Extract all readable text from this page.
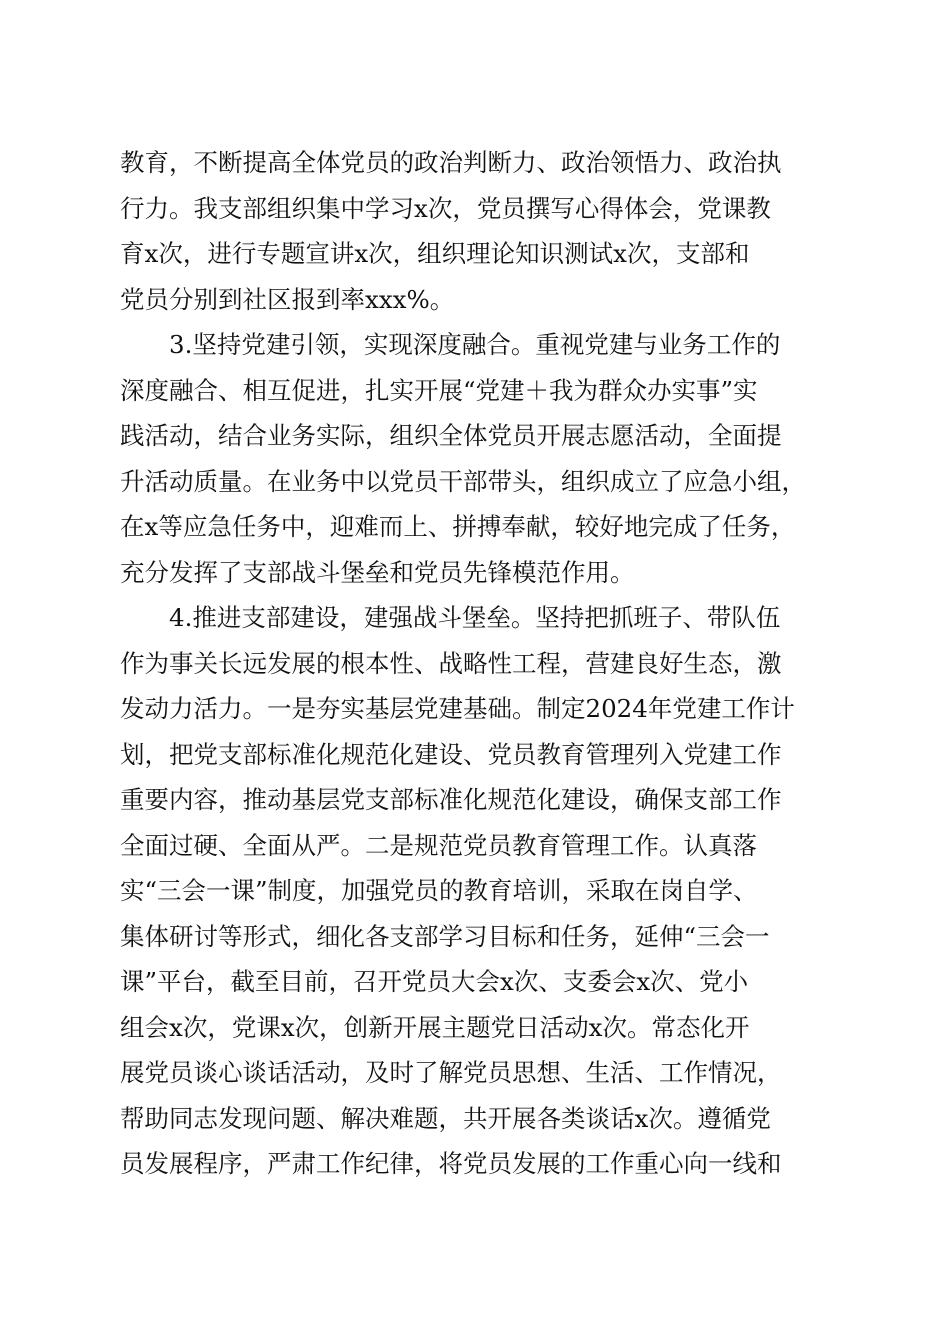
教育，不断提高全体党员的政治判断力、政治领悟力、政治执
行力。我支部组织集中学习x次，党员撰写心得体会，党课教
育x次，进行专题宣讲x次，组织理论知识测试x次，支部和
党员分别到社区报到率xxx%。

3.坚持党建引领，实现深度融合。重视党建与业务工作的
深度融合、相互促进，扎实开展“党建＋我为群众办实事”实
践活动，结合业务实际，组织全体党员开展志愿活动，全面提
升活动质量。在业务中以党员干部带头，组织成立了应急小组，
在x等应急任务中，迎难而上、拼搏奉献，较好地完成了任务，
充分发挥了支部战斗堡垒和党员先锋模范作用。

4.推进支部建设，建强战斗堡垒。坚持把抓班子、带队伍
作为事关长远发展的根本性、战略性工程，营建良好生态，激
发动力活力。一是夯实基层党建基础。制定2024年党建工作计
划，把党支部标准化规范化建设、党员教育管理列入党建工作
重要内容，推动基层党支部标准化规范化建设，确保支部工作
全面过硬、全面从严。二是规范党员教育管理工作。认真落
实“三会一课”制度，加强党员的教育培训，采取在岗自学、
集体研讨等形式，细化各支部学习目标和任务，延伸“三会一
课”平台，截至目前，召开党员大会x次、支委会x次、党小
组会x次，党课x次，创新开展主题党日活动x次。常态化开
展党员谈心谈话活动，及时了解党员思想、生活、工作情况，
帮助同志发现问题、解决难题，共开展各类谈话x次。遵循党
员发展程序，严肃工作纪律，将党员发展的工作重心向一线和
